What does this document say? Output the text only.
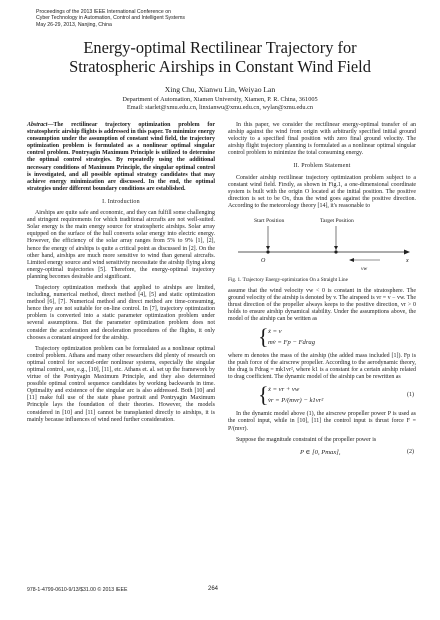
Proceedings of the 2013 IEEE International Conference on
Cyber Technology in Automation, Control and Intelligent Systems
May 26-29, 2013, Nanjing, China
Energy-optimal Rectilinear Trajectory for
Stratospheric Airships in Constant Wind Field
Xing Chu, Xianwu Lin, Weiyao Lan
Department of Automation, Xiamen University, Xiamen, P. R. China, 361005
Email: starlet@xmu.edu.cn, linxianwu@xmu.edu.cn, wylan@xmu.edu.cn

Abstract—The rectilinear trajectory optimization problem for stratospheric airship flights is addressed in this paper. To minimize energy consumption under the assumption of constant wind field, the trajectory optimization problem is formulated as a nonlinear optimal singular control problem. Pontryagin Maximum Principle is utilized to determine the optimal control strategies. By repeatedly using the additional necessary conditions of Maximum Principle, the singular optimal control is investigated, and all possible optimal strategy candidates that may achieve energy minimization are discussed. In the end, the optimal strategies under different boundary conditions are established.

I. Introduction

Airships are quite safe and economic, and they can fulfill some challenging and stringent requirements for which traditional aircrafts are not well-suited. Solar energy is the main energy source for stratospheric airships. Solar array equipped on the surface of the hull converts solar energy into electric energy. However, the efficiency of the solar array ranges from 5% to 9% [1], [2], hence the energy of airships is quite a critical point as discussed in [2]. On the other hand, airships are much more sensitive to wind than general aircrafts. Limited energy source and wind sensitivity necessitate the airship flying along energy-optimal trajectories [5]. Therefore, the energy-optimal trajectory planning becomes desirable and significant.

Trajectory optimization methods that applied to airships are limited, including, numerical method, direct method [4], [5] and static optimization method [6], [7]. Numerical method and direct method are time-consuming, hence they are not suitable for on-line control. In [7], trajectory optimization problem is converted into a static parameter optimization problem under several assumptions. But the parameter optimization problem does not consider the acceleration and deceleration procedures of the flights, it only chooses a constant airspeed for the airship.

Trajectory optimization problem can be formulated as a nonlinear optimal control problem. Athans and many other researchers did plenty of research on optimal control for second-order nonlinear systems, especially the singular optimal control, see, e.g., [10], [11], etc. Athans et. al. set up the framework by virtue of the Pontryagin Maximum Principle, and they also determined possible optimal control sequence candidates by working backwards in time. Optimality and existence of the singular arc is also addressed. Both [10] and [11] make full use of the state phase portrait and Pontryagin Maximum Principle lays the foundation of their theories. However, the models considered in [10] and [11] cannot be transplanted directly to airships, it is mainly because influences of wind need further consideration.

In this paper, we consider the rectilinear energy-optimal transfer of an airship against the wind from origin with arbitrarily specified initial ground velocity to a specified final position with zero final ground velocity. The airship flight trajectory planning is formulated as a nonlinear optimal singular control problem to minimize the total consuming energy.

II. Problem Statement

Consider airship rectilinear trajectory optimization problem subject to a constant wind field. Firstly, as shown in Fig.1, a one-dimensional coordinate system is built with the origin O located at the initial position. The positive direction is set to be Ox, thus the wind goes against the positive direction. According to the meteorology theory [14], it's reasonable to

Start Position	Target Position
O	x
vw
Fig. 1. Trajectory Energy-optimization On a Straight Line

assume that the wind velocity vw < 0 is constant in the stratosphere. The ground velocity of the airship is denoted by v. The airspeed is vr = v − vw. The thrust direction of the propeller always keeps to the positive direction, vr > 0 holds to ensure airship dynamical stability. Under the assumptions above, the model of the airship can be written as

{ ẋ = v
mv̇ = Fp − Fdrag

where m denotes the mass of the airship (the added mass included [1]). Fp is the push force of the airscrew propeller. According to the aerodynamic theory, the drag is Fdrag = mk1vr², where k1 is a constant for a certain airship related to drag coefficient. The dynamic model of the airship can be rewritten as

{ ẋ = vr + vw
v̇r = P/(mvr) − k1vr²
(1)

In the dynamic model above (1), the airscrew propeller power P is used as the control input, while in [10], [11] the control input is thrust force F = P/(mvr).

Suppose the magnitude constraint of the propeller power is

P ∈ [0, Pmax],	(2)
978-1-4799-0610-9/13/$31.00 © 2013 IEEE	264
